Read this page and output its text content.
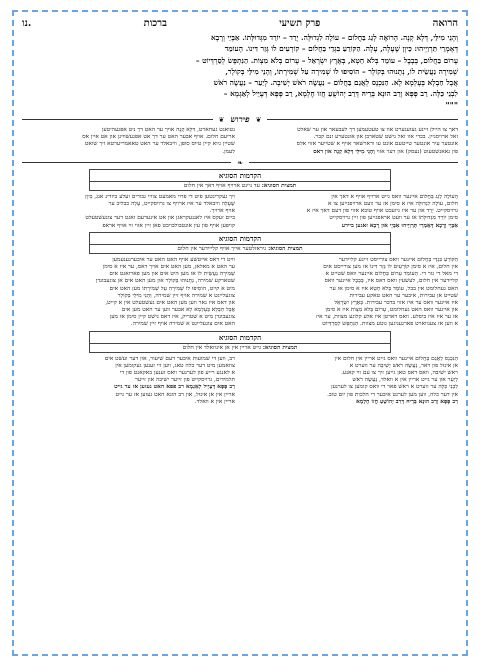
הרואה
פרק תשיעי
ברכות
נו.
וְהָנֵי מִילֵּי, דְּלָא קְנָה. הָרוֹאֶה לְגַג בַּחֲלוֹם – עוֹלֶה לִגְדוּלָּה. יָרַד – יוֹרֵד מִגְּדוּלָּתוֹ. אַבָּיֵי וְרָבָא
דְּאָמְרֵי תַּרְוַיְיהוּ: כֵּיוָן שֶׁעָלָה, עָלָה. הַקּוֹרֵעַ בִּגְדֵי בַּחֲלוֹם – קוֹרְעִים לוֹ גְּזַר דִּינוֹ. הָעוֹמֵד
עָרוֹם בַּחֲלוֹם, בְּבָבֶל – עוֹמֵד בְּלֹא חֵטְא, בְּאֶרֶץ יִשְׂרָאֵל – עָרוֹם בְּלֹא מִצְוֹת. הַנִּתְפָּשׂ לְסַרְדְּיוֹט –
שְׁמִירָה נַעֲשֵׂית לוֹ, נְתָנוּהוּ בְּקוֹלָר – הוֹסִיפוּ לוֹ שְׁמִירָה עַל שְׁמִירָתוֹ, וְהָנֵי מִילֵּי בְּקוֹלָר,
אֲבָל חַבְלָא בְּעָלְמָא לָא. הַנִּכְנָס לְאֲגַם בַּחֲלוֹם – נַעֲשֶׂה רֹאשׁ יְשִׁיבָה. לְיַעַר – נַעֲשֶׂה רֹאשׁ
לִבְנֵי כַּלָּה. רַב פָּפָּא וְרַב הוּנָא בְּרֵיהּ דְּרַב יְהוֹשֻׁעַ חֲזוֹ חֶלְמָא, רַב פָּפָּא דְּעָיֵיל לְאַגְמָא –
"""
❦
פירוש
❦
דאך צו היילן זיינע געזעגערט אוו צו טעטעמען דך לעבעאר און ער שאלט
זאל ארויסגיין. בכדי אוו זאל נישט שטארבן און אונטערע זנם קבר.
אונטער עיר אונטער טייטעם אונט עו ורארשאר אויף א שטייער אזוי אלס
פון גאאנשטעוט (נעסק) און דער אזוי וְהָנֵי מִילֵּי דְּלָא קְנָה און דאס
נטואגט געחארט, דִּלָּא קְנָה אויך ער האט דך ניט אפגעהיטען
אריעם חלום. אויף אבער האט ער דך אט אפגעשוויגן און אט איין אס
שטיין גיוא קיין טיוס סופן, וויבאלד ער האט טאאמריערטא זיך שואט
לעמן.
❧
הקדמות הסוגיא
תמצית הסוגיא: עד ניינט ארויף אויף דאך אין חלום
הָעוֹלֶה לְגַג בַּחֲלוֹם איינער וואס גייט ארויף אויף א דאך אין
חלום, עוֹלֶה לִגְדוּלָּה איז א סימן אז ער וועט ארויפגייען צו א
גרויסקייט. יָרַד און ער איז גיזעכט אויף טובא אזוי פון דעם דאך איז א
סימן יוֹרֵד מִגְּדוּלָּתוֹ אז ער וועט אראפגייען פון זיין גרויסקייט
אַבָּיֵי וְרָבָא דְּאָמְרֵי תַּרְוַיְיהוּ אַבָּיֵי און רָבָא זאגען ביידע
ויך געקריגטען פיט די פרוי מאמעט צוויי גבורים ועלע ביזדינ אנג, כֵּיוָן
שֶׁעָלָה וויבאלד ער איז ארויף צו גרויסקייט, עָלָה בבליב ער
אויף ארויך.
ביים זעקס איז לאננעקראגן און אט אינערעם זאגט דער צוגעשטעלט
קויפען אויף פון עין אונטבולבויבט פאן זיין אזוי ווי אויף אראפ
הקדמות הסוגיא
תמצית הסוגיא: גיראזלטער אייך אויף קלייידער אין חלום
הַקּוֹרֵעַ בִּגְדֵי בַּחֲלוֹם איינער וואס צורייסט זיינע קליידער
אין חלום, איז א סימן קוֹרְעִים לוֹ גְּזַר דִּינוֹ אז מען צורייסט אים
די מאל די גזר די. הָעוֹמֵד עָרוֹם בַּחֲלוֹם איינער וואס שטייט א
קליידער אין חלום, לעשעין וואס דאס איז, בְּבָבֶל איינער וואס
האט געחלומט אין בבל, עוֹמֵד בְּלֹא חֵטְא איז א סימן אז ער
שטייט אן עבירות, איבער ער האט טאקע עבירות
איז איינער וואס ער איז אזוי בדבר עבירות. בְּאֶרֶץ יִשְׂרָאֵל
און איינער וואס האט געחלומט, עָרוֹם בְּלֹא מִצְוֹת איז א סימן
אז ער איז איז ביסלע. וואס דארטן איז אלע קלוגע מצוות, ער איז
א ווען אז צענווארט פארגעניגען גוטע מצוות. הַנִּתְפָּשׂ לְסַרְדְּיוֹט
וויט די דאס אייטשע אויף האט האט ער איבערגענעמען
ער האט א מאלאן, מען האט אים אויך דאס, ער איז א סימן
שְׁמִירָה נַעֲשֵׂית לוֹ אז מען היט אים און מען פארזאגט אים
שטארקע שמירה, נְתָנוּהוּ בְּקוֹלָר און מען האט אים אן צוגעבונדן
מיט א קייט, הוֹסִיפוּ לוֹ שְׁמִירָה עַל שְׁמִירָתוֹ מען האט אים
צוגעלייגט א שמירה אויף זיין שמירה, וְהָנֵי מִילֵּי בְּקוֹלָר
און דאס איז נאר ווען מען האט אים געשטעלט אין א קייט,
אֲבָל חַבְלָא בְּעָלְמָא לָא אבער ווען ער האט מען אים
צוגעבונדן מיט א שטריק, איז דאס נישט קיין סימן אז מען
האט אים צוגעלייגט א שמירה אויף זיין שמירה.
הקדמות הסוגיא
תמצית הסוגיא: גייט אריין אין אן אינוזאלד אין חלום
הַנִּכְנָס לְאֲגַם בַּחֲלוֹם איינער וואס גייט אריין אין חלום אין
אן אינזל פון ראר, נַעֲשֶׂה רֹאשׁ יְשִׁיבָה ער ווערט א
ראש ישיבה, וואס דאס טאן גייען זיך צו עם ווי קאנע.
לְיַעַר און ער גייט אריין אין א וואלד, נַעֲשֶׂה רֹאשׁ
לִבְנֵי כַּלָּה ער ווערט א ראש פאר די וואס קומען צו לערנען
אין דער כלה, ווען מען לערנט איבער די הלכות פון יום טוב.
רַב פָּפָּא וְרַב הוּנָא בְּרֵיהּ דְּרַב יְהוֹשֻׁעַ חֲזוֹ חֶלְמָא
רב, ווען די שמועות איבער דעם שיעור, און דער ועשט אים
צוזאמען מיט דער כלה טאג, ווען זיי זענען געקומען אין
א לאנגע רייע פון לערנער וואס זענען באקאנט פון די
תלמידים, גרויסקייט פון זייער ישיבה און זייער
רַב פָּפָּא דְּעָיֵיל לְאַגְמָא רב פפא האט געזען אז ער גייט
אריין אין אן אינזל, און רב הונא האט געזען אז ער גייט
אריין אין א וואלד.
